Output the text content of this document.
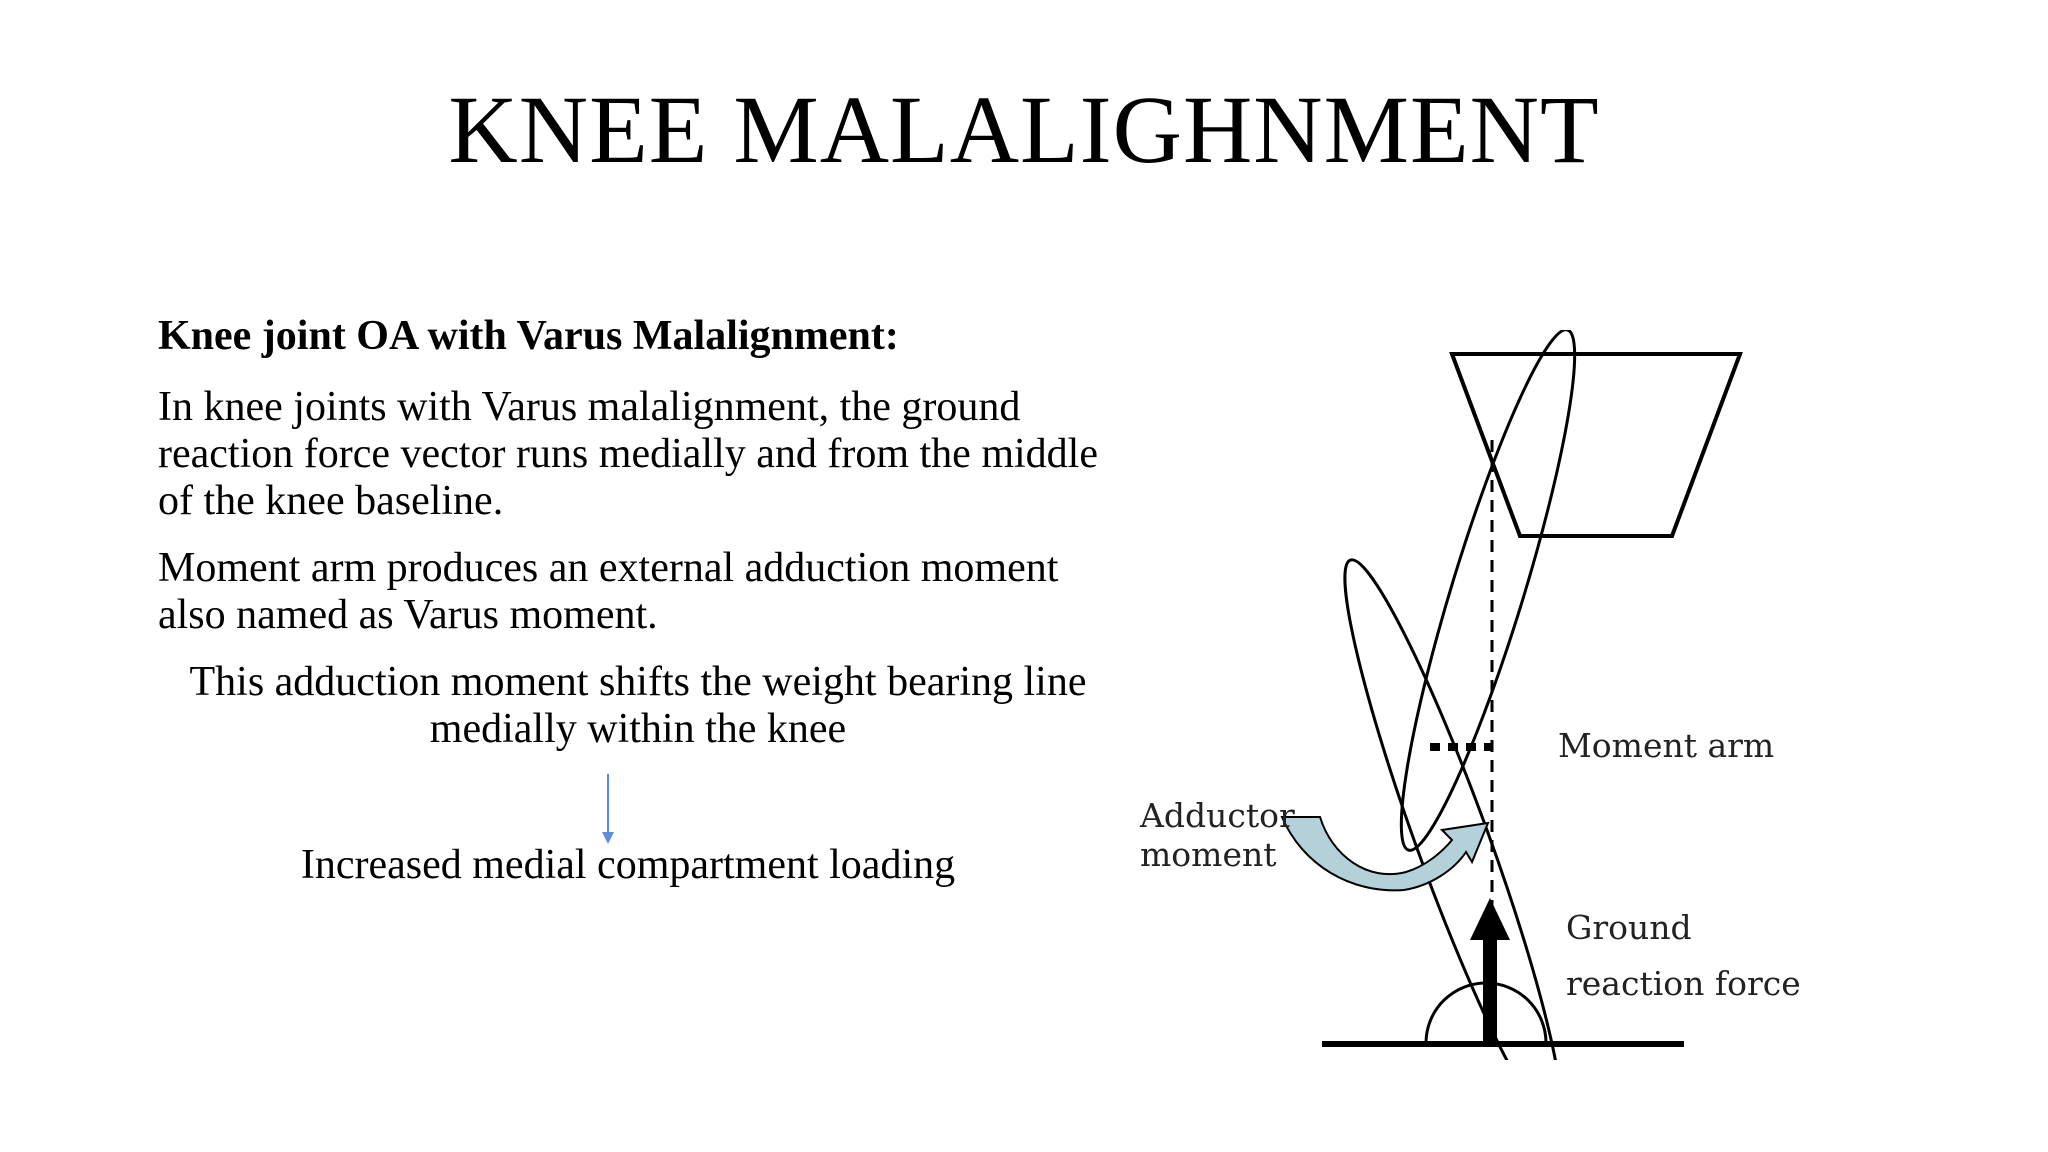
KNEE MALALIGHNMENT

Knee joint OA with Varus Malalignment:

In knee joints with Varus malalignment, the ground reaction force vector runs medially and from the middle of the knee baseline.

Moment arm produces an external adduction moment also named as Varus moment.

This adduction moment shifts the weight bearing line

medially within the knee

Increased medial compartment loading
Moment arm
Adductor
moment
Ground
reaction force
